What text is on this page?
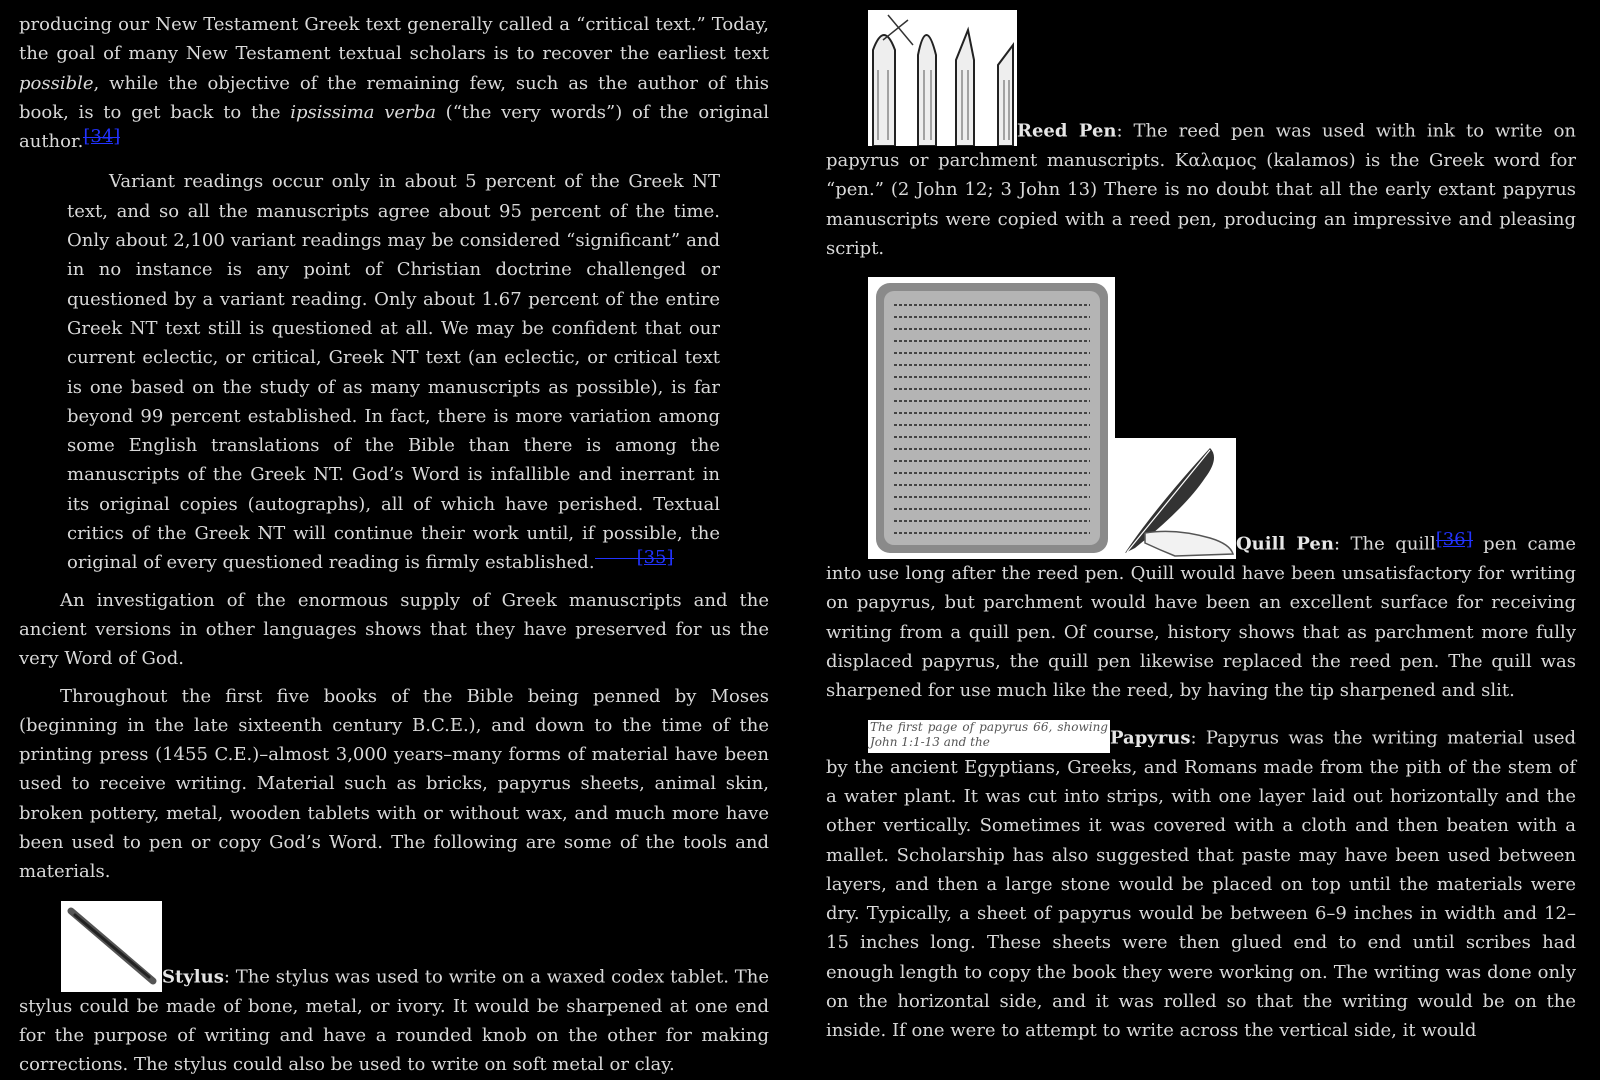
producing our New Testament Greek text generally called a “critical text.” Today, the goal of many New Testament textual scholars is to recover the earliest text possible, while the objective of the remaining few, such as the author of this book, is to get back to the ipsissima verba (“the very words”) of the original author.[34]

Variant readings occur only in about 5 percent of the Greek NT text, and so all the manuscripts agree about 95 percent of the time. Only about 2,100 variant readings may be considered “significant” and in no instance is any point of Christian doctrine challenged or questioned by a variant reading. Only about 1.67 percent of the entire Greek NT text still is questioned at all. We may be confident that our current eclectic, or critical, Greek NT text (an eclectic, or critical text is one based on the study of as many manuscripts as possible), is far beyond 99 percent established. In fact, there is more variation among some English translations of the Bible than there is among the manuscripts of the Greek NT. God’s Word is infallible and inerrant in its original copies (autographs), all of which have perished. Textual critics of the Greek NT will continue their work until, if possible, the original of every questioned reading is firmly established. [35]

An investigation of the enormous supply of Greek manuscripts and the ancient versions in other languages shows that they have preserved for us the very Word of God.

Throughout the first five books of the Bible being penned by Moses (beginning in the late sixteenth century B.C.E.), and down to the time of the printing press (1455 C.E.)–almost 3,000 years–many forms of material have been used to receive writing. Material such as bricks, papyrus sheets, animal skin, broken pottery, metal, wooden tablets with or without wax, and much more have been used to pen or copy God’s Word. The following are some of the tools and materials.

Stylus: The stylus was used to write on a waxed codex tablet. The stylus could be made of bone, metal, or ivory. It would be sharpened at one end for the purpose of writing and have a rounded knob on the other for making corrections. The stylus could also be used to write on soft metal or clay.

Reed Pen: The reed pen was used with ink to write on papyrus or parchment manuscripts. Καλαμος (kalamos) is the Greek word for “pen.” (2 John 12; 3 John 13) There is no doubt that all the early extant papyrus manuscripts were copied with a reed pen, producing an impressive and pleasing script.

Quill Pen: The quill[36] pen came into use long after the reed pen. Quill would have been unsatisfactory for writing on papyrus, but parchment would have been an excellent surface for receiving writing from a quill pen. Of course, history shows that as parchment more fully displaced papyrus, the quill pen likewise replaced the reed pen. The quill was sharpened for use much like the reed, by having the tip sharpened and slit.

The first page of papyrus 66, showing John 1:1-13 and the	Papyrus: Papyrus was the writing material used by the ancient Egyptians, Greeks, and Romans made from the pith of the stem of a water plant. It was cut into strips, with one layer laid out horizontally and the other vertically. Sometimes it was covered with a cloth and then beaten with a mallet. Scholarship has also suggested that paste may have been used between layers, and then a large stone would be placed on top until the materials were dry. Typically, a sheet of papyrus would be between 6–9 inches in width and 12–15 inches long. These sheets were then glued end to end until scribes had enough length to copy the book they were working on. The writing was done only on the horizontal side, and it was rolled so that the writing would be on the inside. If one were to attempt to write across the vertical side, it would
